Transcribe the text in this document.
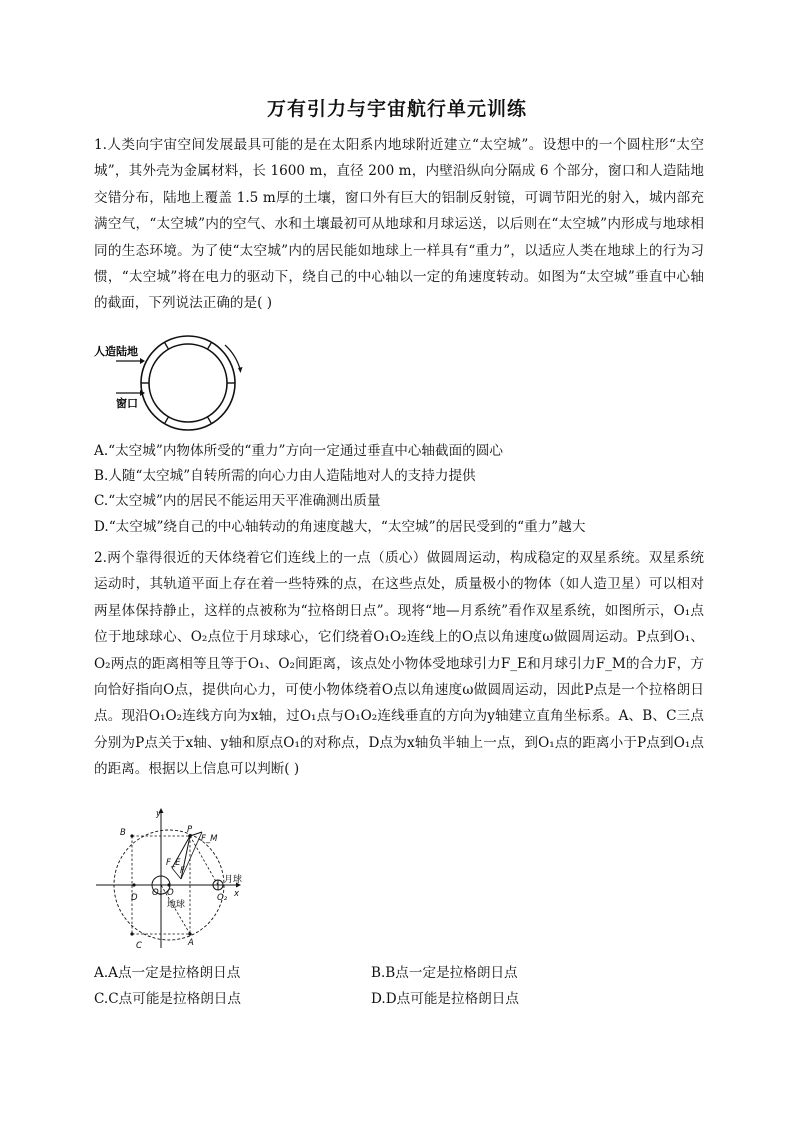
万有引力与宇宙航行单元训练

1.人类向宇宙空间发展最具可能的是在太阳系内地球附近建立“太空城”。设想中的一个圆柱形“太空城”，其外壳为金属材料，长 1600 m，直径 200 m，内壁沿纵向分隔成 6 个部分，窗口和人造陆地交错分布，陆地上覆盖 1.5 m厚的土壤，窗口外有巨大的铝制反射镜，可调节阳光的射入，城内部充满空气，“太空城”内的空气、水和土壤最初可从地球和月球运送，以后则在“太空城”内形成与地球相同的生态环境。为了使“太空城”内的居民能如地球上一样具有“重力”，以适应人类在地球上的行为习惯，“太空城”将在电力的驱动下，绕自己的中心轴以一定的角速度转动。如图为“太空城”垂直中心轴的截面，下列说法正确的是( )

人造陆地
窗口
A.“太空城”内物体所受的“重力”方向一定通过垂直中心轴截面的圆心
B.人随“太空城”自转所需的向心力由人造陆地对人的支持力提供
C.“太空城”内的居民不能运用天平准确测出质量
D.“太空城”绕自己的中心轴转动的角速度越大，“太空城”的居民受到的“重力”越大

2.两个靠得很近的天体绕着它们连线上的一点（质心）做圆周运动，构成稳定的双星系统。双星系统运动时，其轨道平面上存在着一些特殊的点，在这些点处，质量极小的物体（如人造卫星）可以相对两星体保持静止，这样的点被称为“拉格朗日点”。现将“地—月系统”看作双星系统，如图所示，O₁点位于地球球心、O₂点位于月球球心，它们绕着O₁O₂连线上的O点以角速度ω做圆周运动。P点到O₁、O₂两点的距离相等且等于O₁、O₂间距离，该点处小物体受地球引力F_E和月球引力F_M的合力F，方向恰好指向O点，提供向心力，可使小物体绕着O点以角速度ω做圆周运动，因此P点是一个拉格朗日点。现沿O₁O₂连线方向为x轴，过O₁点与O₁O₂连线垂直的方向为y轴建立直角坐标系。A、B、C三点分别为P点关于x轴、y轴和原点O₁的对称点，D点为x轴负半轴上一点，到O₁点的距离小于P点到O₁点的距离。根据以上信息可以判断( )

y
x
P
F_M
F_E
F
B
D O₁ O	O₂
A
C
月球
地球
A.A点一定是拉格朗日点	B.B点一定是拉格朗日点
C.C点可能是拉格朗日点	D.D点可能是拉格朗日点
